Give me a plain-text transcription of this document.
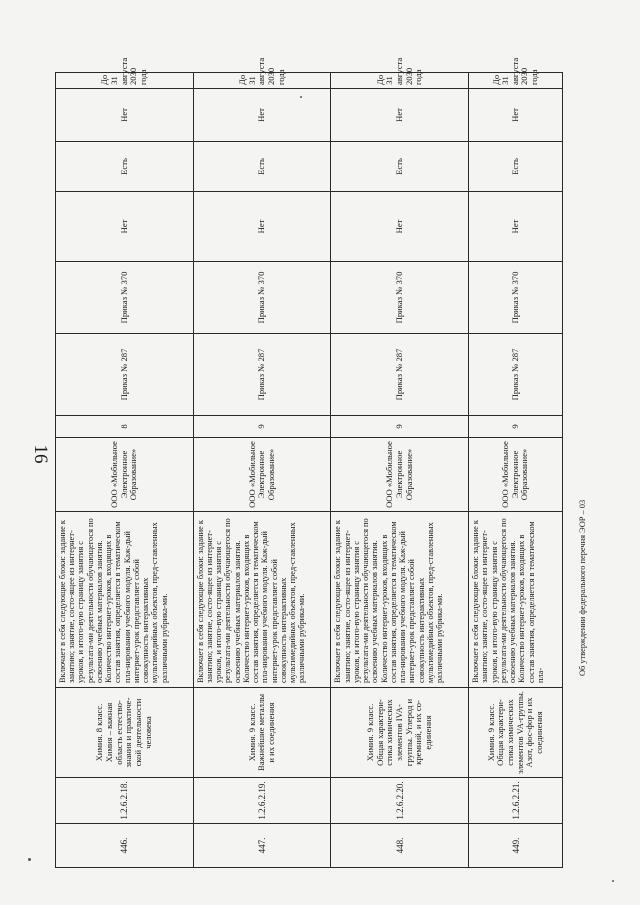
16
446.	1.2.6.2.18.	Химия. 8 класс. Химия – важная область естество-знания и практиче-ской деятельности человека	Включает в себя следующие блоки: задание к занятию; занятие, состо-ящее из интернет-уроков, и итого-вую страницу занятия с результата-ми деятельности обучающегося по освоению учебных материалов занятия. Количество интернет-уроков, входящих в состав занятия, определяется в тематическом пла-нировании учебного модуля. Каж-дый интернет-урок представляет собой совокупность интерактивных мультимедийных объектов, пред-ставленных различными рубрика-ми.	ООО «Мобильное Электронное Образование»	8	Приказ № 287	Приказ № 370	Нет	Есть	Нет	До 31 августа 2030 года
447.	1.2.6.2.19.	Химия. 9 класс. Важнейшие металлы и их соединения	Включает в себя следующие блоки: задание к занятию; занятие, состо-ящее из интернет-уроков, и итого-вую страницу занятия с результата-ми деятельности обучающегося по освоению учебных материалов занятия. Количество интернет-уроков, входящих в состав занятия, определяется в тематическом пла-нировании учебного модуля. Каж-дый интернет-урок представляет собой совокупность интерактивных мультимедийных объектов, пред-ставленных различными рубрика-ми.	ООО «Мобильное Электронное Образование»	9	Приказ № 287	Приказ № 370	Нет	Есть	Нет	До 31 августа 2030 года
448.	1.2.6.2.20.	Химия. 9 класс. Общая характери-стика химических элементов IVA-группы. Углерод и кремний, и их со-единения	Включает в себя следующие блоки: задание к занятию; занятие, состо-ящее из интернет-уроков, и итого-вую страницу занятия с результата-ми деятельности обучающегося по освоению учебных материалов занятия. Количество интернет-уроков, входящих в состав занятия, определяется в тематическом пла-нировании учебного модуля. Каж-дый интернет-урок представляет собой совокупность интерактивных мультимедийных объектов, пред-ставленных различными рубрика-ми.	ООО «Мобильное Электронное Образование»	9	Приказ № 287	Приказ № 370	Нет	Есть	Нет	До 31 августа 2030 года
449.	1.2.6.2.21.	Химия. 9 класс. Общая характери-стика химических элементов VA-группы. Азот, фос-фор и их соединения	Включает в себя следующие блоки: задание к занятию; занятие, состо-ящее из интернет-уроков, и итого-вую страницу занятия с результата-ми деятельности обучающегося по освоению учебных материалов занятия. Количество интернет-уроков, входящих в состав занятия, определяется в тематическом пла-	ООО «Мобильное Электронное Образование»	9	Приказ № 287	Приказ № 370	Нет	Есть	Нет	До 31 августа 2030 года
Об утверждении федерального перечня ЭОР – 03
